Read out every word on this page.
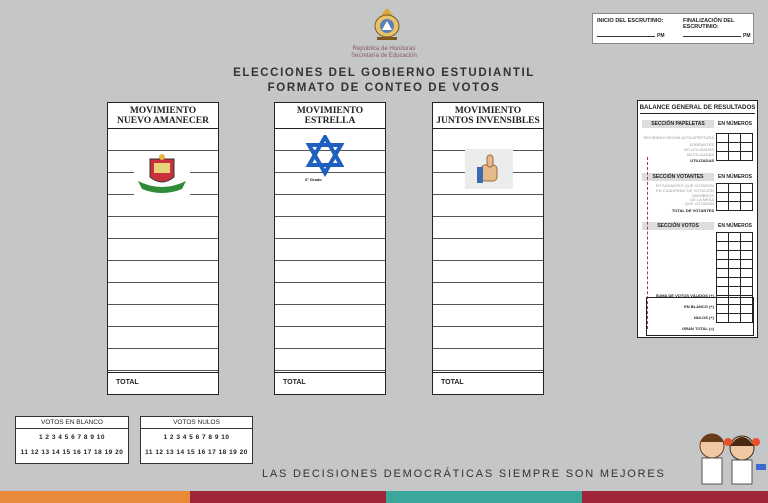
República de Honduras
Secretaría de Educación
ELECCIONES DEL GOBIERNO ESTUDIANTIL
FORMATO DE CONTEO DE VOTOS
INICIO DEL ESCRUTINIO:	FINALIZACIÓN DEL ESCRUTINIO:
PM	PM
MOVIMIENTO
NUEVO AMANECER
TOTAL
MOVIMIENTO
ESTRELLA
6° Grado
TOTAL
MOVIMIENTO
JUNTOS INVENSIBLES
TOTAL
BALANCE GENERAL DE RESULTADOS
SECCIÓN PAPELETAS	EN NÚMEROS
RECIBIDAS SEGÚN ACTA APERTURA
SOBRANTES
NO UTILIZADAS
INUTILIZADAS
UTILIZADAS

SECCIÓN VOTANTES	EN NÚMEROS
ESTUDIANTES QUE VOTARON
EN CUADERNO DE VOTACIÓN
MIEMBROS
DE LA MESA
QUE VOTARON
TOTAL DE VOTANTES

SECCIÓN VOTOS	EN NÚMEROS

SUMA DE VOTOS VÁLIDOS (+)
EN BLANCO (+)
NULOS (+)
GRAN TOTAL (=)
VOTOS EN BLANCO
1 2 3 4 5 6 7 8 9 10
11 12 13 14 15 16 17 18 19 20
VOTOS NULOS
1 2 3 4 5 6 7 8 9 10
11 12 13 14 15 16 17 18 19 20
LAS DECISIONES DEMOCRÁTICAS SIEMPRE SON MEJORES
